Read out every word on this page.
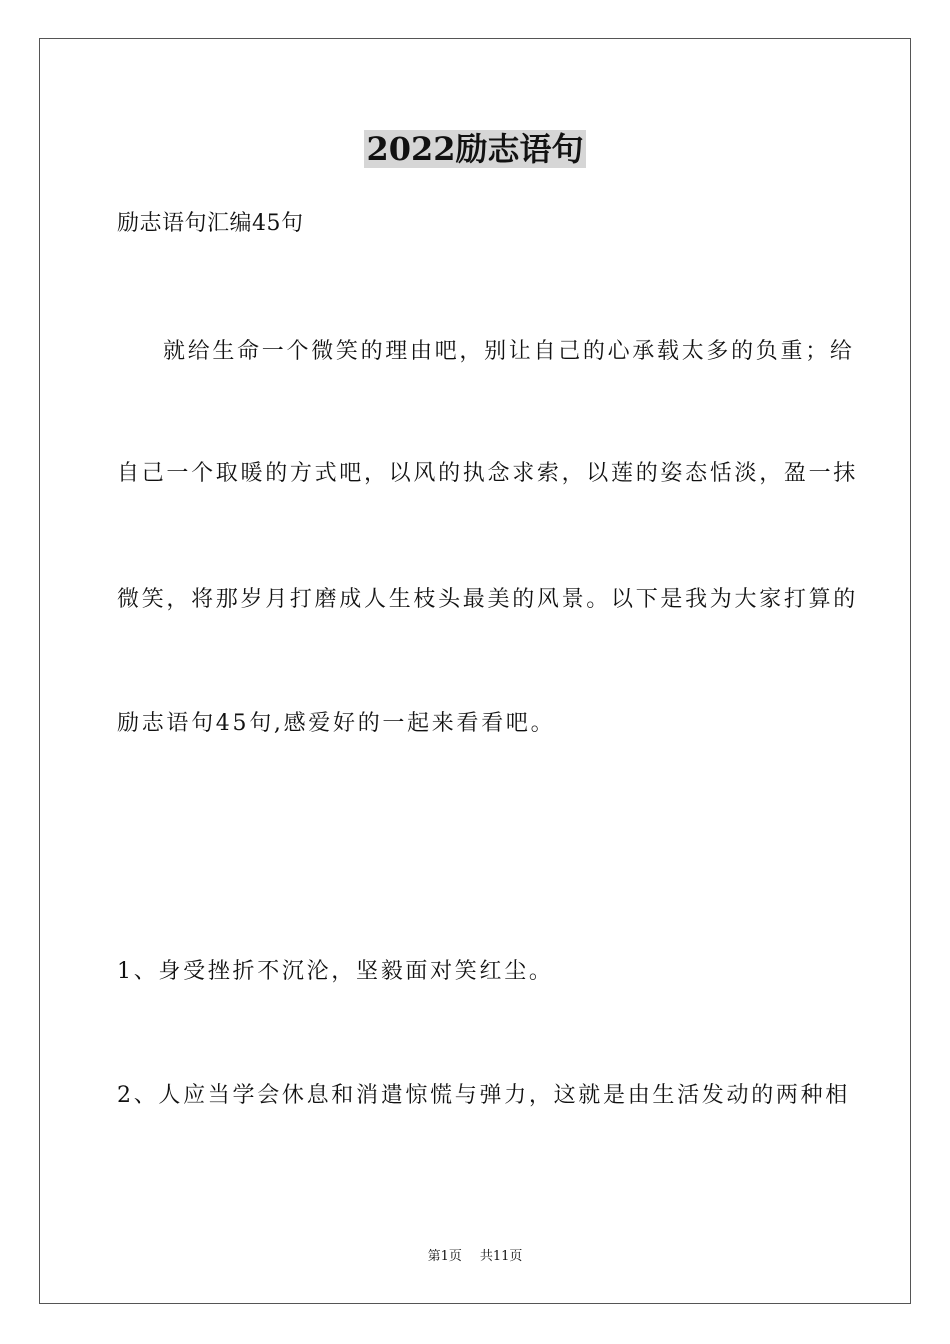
2022励志语句
励志语句汇编45句
就给生命一个微笑的理由吧，别让自己的心承载太多的负重；给
自己一个取暖的方式吧，以风的执念求索，以莲的姿态恬淡，盈一抹
微笑，将那岁月打磨成人生枝头最美的风景。以下是我为大家打算的
励志语句45句,感爱好的一起来看看吧。
1、身受挫折不沉沦，坚毅面对笑红尘。
2、人应当学会休息和消遣惊慌与弹力，这就是由生活发动的两种相
第1页 共11页
